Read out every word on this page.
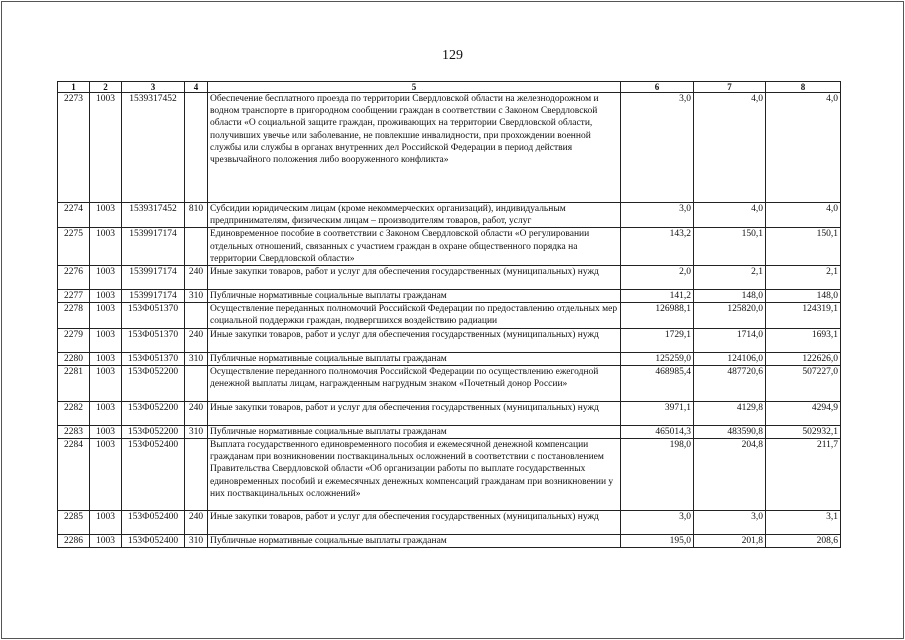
129
1	2	3	4	5	6	7	8
2273	1003	1539317452		Обеспечение бесплатного проезда по территории Свердловской области на железнодорожном и водном транспорте в пригородном сообщении граждан в соответствии с Законом Свердловской области «О социальной защите граждан, проживающих на территории Свердловской области, получивших увечье или заболевание, не повлекшие инвалидности, при прохождении военной службы или службы в органах внутренних дел Российской Федерации в период действия чрезвычайного положения либо вооруженного конфликта»	3,0	4,0	4,0
2274	1003	1539317452	810	Субсидии юридическим лицам (кроме некоммерческих организаций), индивидуальным предпринимателям, физическим лицам – производителям товаров, работ, услуг	3,0	4,0	4,0
2275	1003	1539917174		Единовременное пособие в соответствии с Законом Свердловской области «О регулировании отдельных отношений, связанных с участием граждан в охране общественного порядка на территории Свердловской области»	143,2	150,1	150,1
2276	1003	1539917174	240	Иные закупки товаров, работ и услуг для обеспечения государственных (муниципальных) нужд	2,0	2,1	2,1
2277	1003	1539917174	310	Публичные нормативные социальные выплаты гражданам	141,2	148,0	148,0
2278	1003	153Ф051370		Осуществление переданных полномочий Российской Федерации по предоставлению отдельных мер социальной поддержки граждан, подвергшихся воздействию радиации	126988,1	125820,0	124319,1
2279	1003	153Ф051370	240	Иные закупки товаров, работ и услуг для обеспечения государственных (муниципальных) нужд	1729,1	1714,0	1693,1
2280	1003	153Ф051370	310	Публичные нормативные социальные выплаты гражданам	125259,0	124106,0	122626,0
2281	1003	153Ф052200		Осуществление переданного полномочия Российской Федерации по осуществлению ежегодной денежной выплаты лицам, награжденным нагрудным знаком «Почетный донор России»	468985,4	487720,6	507227,0
2282	1003	153Ф052200	240	Иные закупки товаров, работ и услуг для обеспечения государственных (муниципальных) нужд	3971,1	4129,8	4294,9
2283	1003	153Ф052200	310	Публичные нормативные социальные выплаты гражданам	465014,3	483590,8	502932,1
2284	1003	153Ф052400		Выплата государственного единовременного пособия и ежемесячной денежной компенсации гражданам при возникновении поствакцинальных осложнений в соответствии с постановлением Правительства Свердловской области «Об организации работы по выплате государственных единовременных пособий и ежемесячных денежных компенсаций гражданам при возникновении у них поствакцинальных осложнений»	198,0	204,8	211,7
2285	1003	153Ф052400	240	Иные закупки товаров, работ и услуг для обеспечения государственных (муниципальных) нужд	3,0	3,0	3,1
2286	1003	153Ф052400	310	Публичные нормативные социальные выплаты гражданам	195,0	201,8	208,6
